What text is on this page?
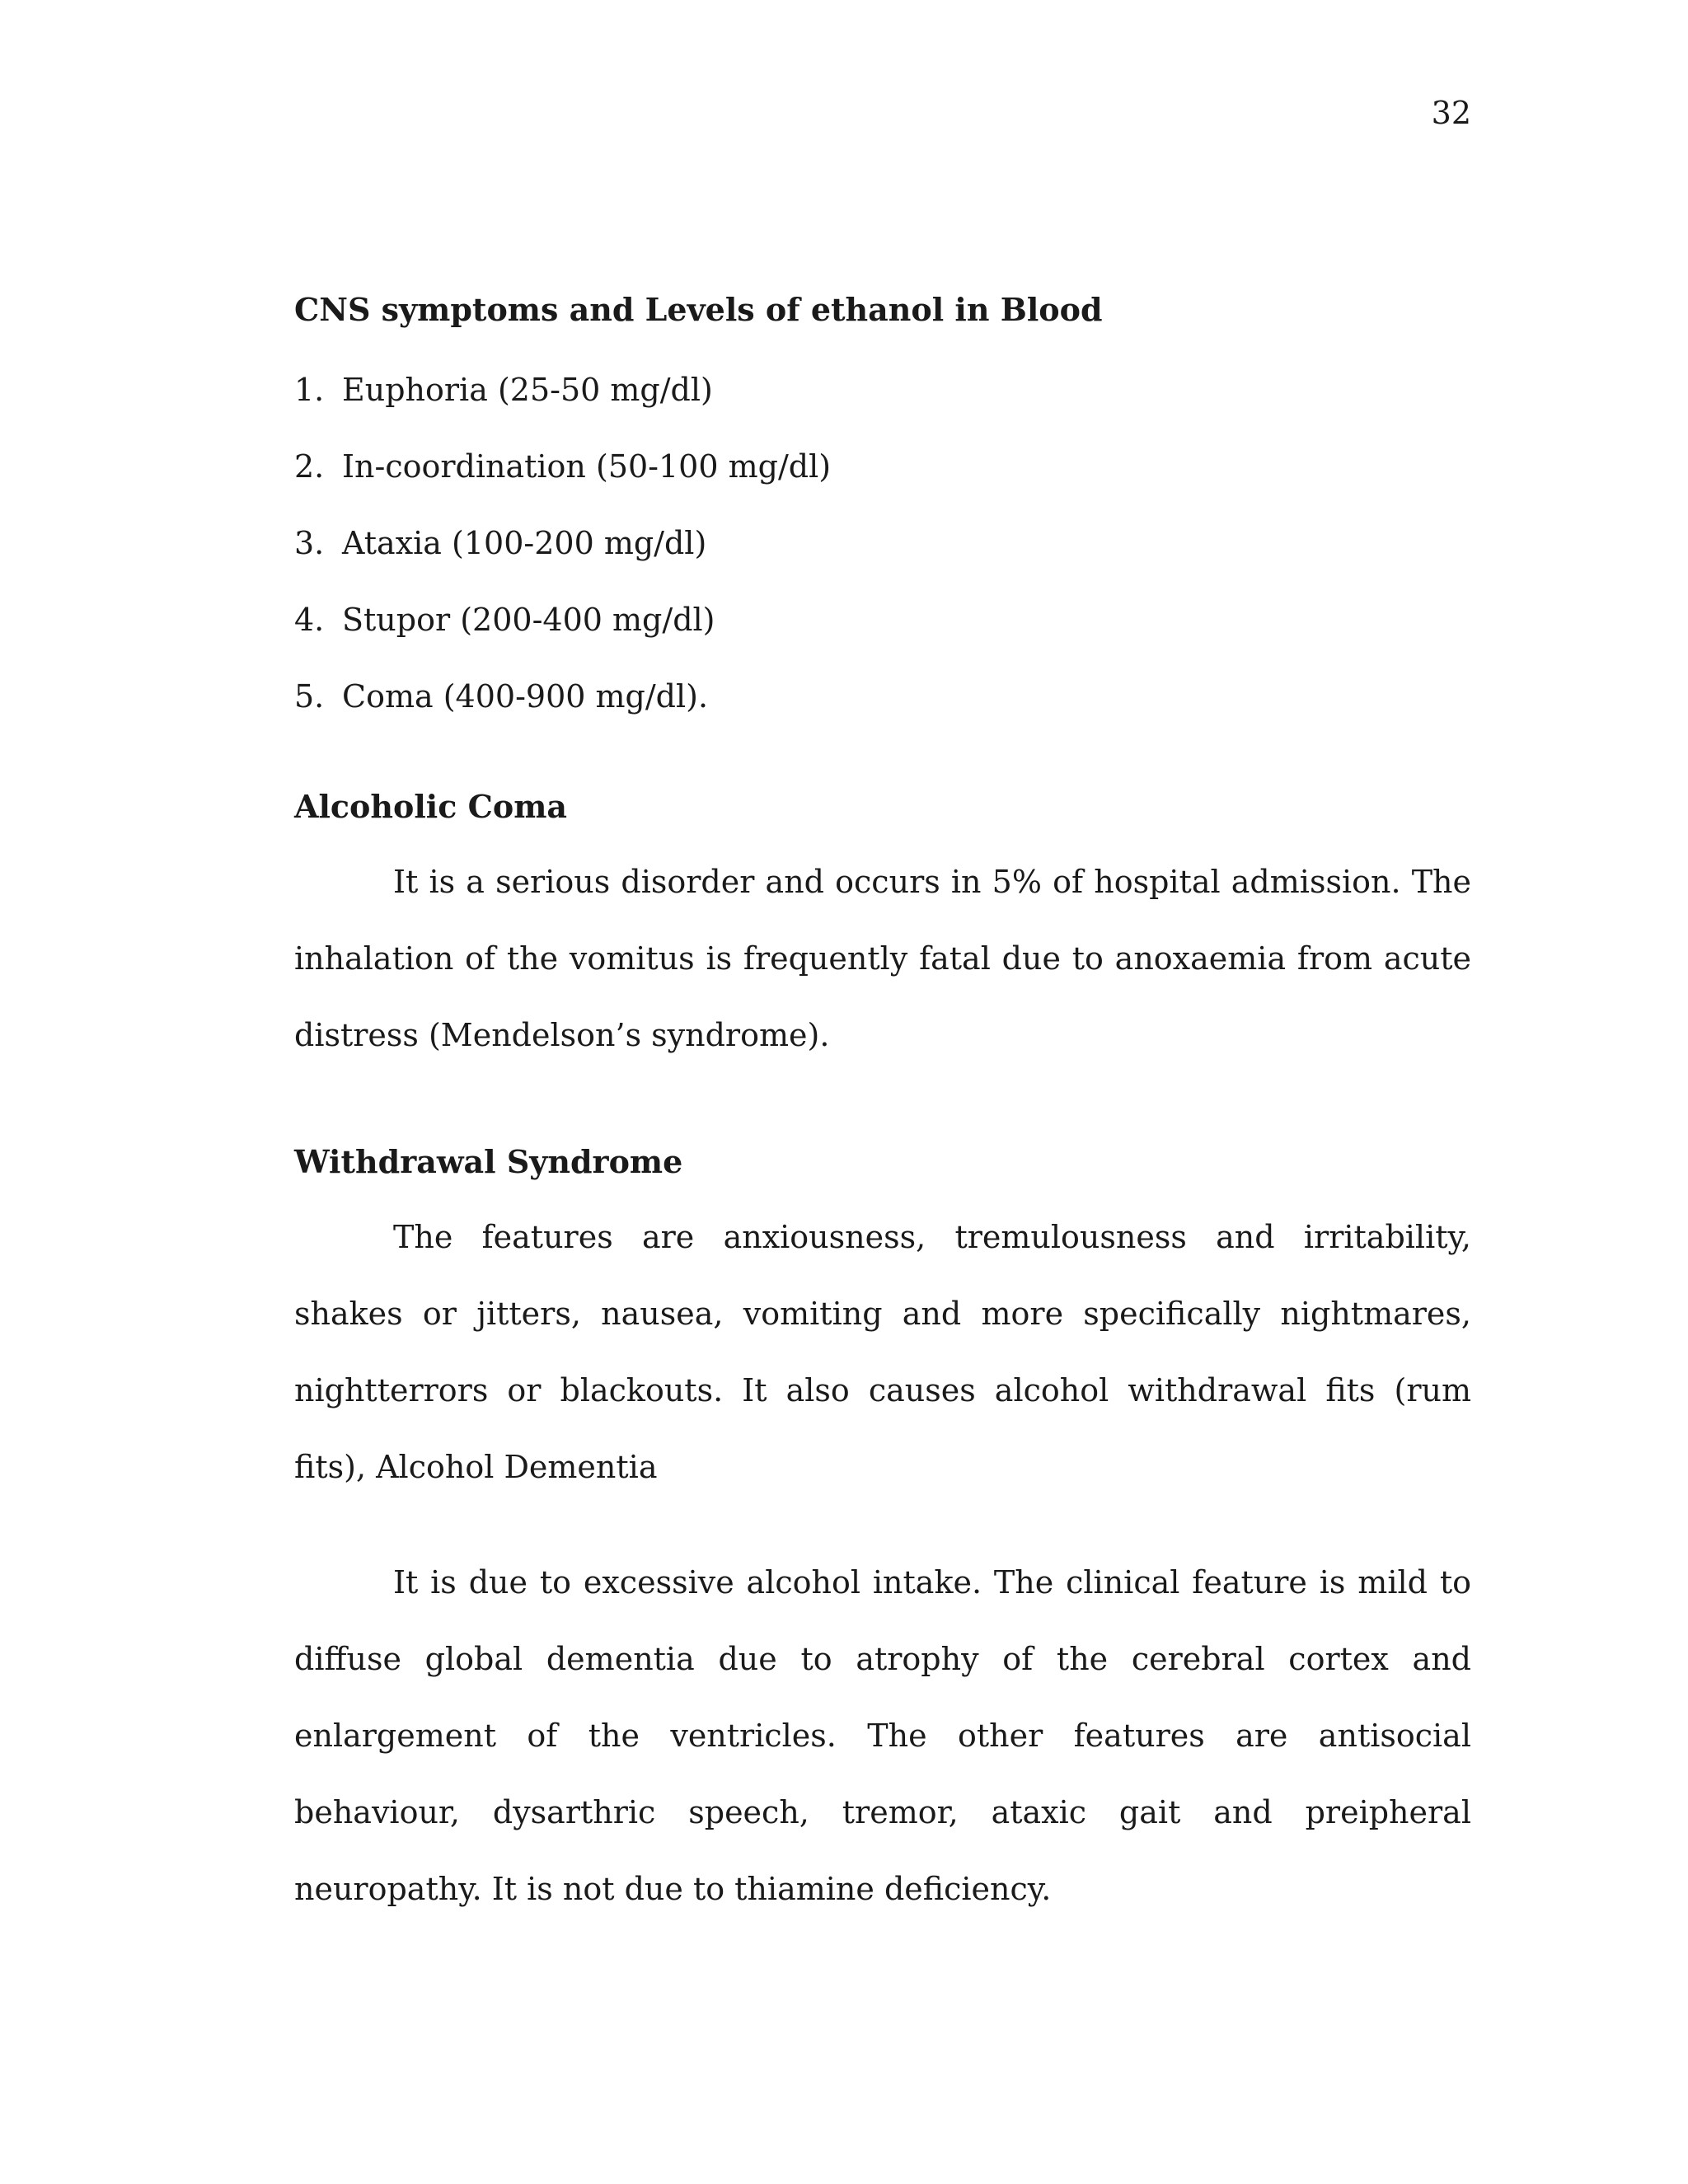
32
CNS symptoms and Levels of ethanol in Blood
1. Euphoria (25-50 mg/dl)
2. In-coordination (50-100 mg/dl)
3. Ataxia (100-200 mg/dl)
4. Stupor (200-400 mg/dl)
5. Coma (400-900 mg/dl).
Alcoholic Coma

It is a serious disorder and occurs in 5% of hospital admission. The inhalation of the vomitus is frequently fatal due to anoxaemia from acute distress (Mendelson’s syndrome).

Withdrawal Syndrome

The features are anxiousness, tremulousness and irritability, shakes or jitters, nausea, vomiting and more specifically nightmares, nightterrors or blackouts. It also causes alcohol withdrawal fits (rum fits), Alcohol Dementia

It is due to excessive alcohol intake. The clinical feature is mild to diffuse global dementia due to atrophy of the cerebral cortex and enlargement of the ventricles. The other features are antisocial behaviour, dysarthric speech, tremor, ataxic gait and preipheral neuropathy. It is not due to thiamine deficiency.
